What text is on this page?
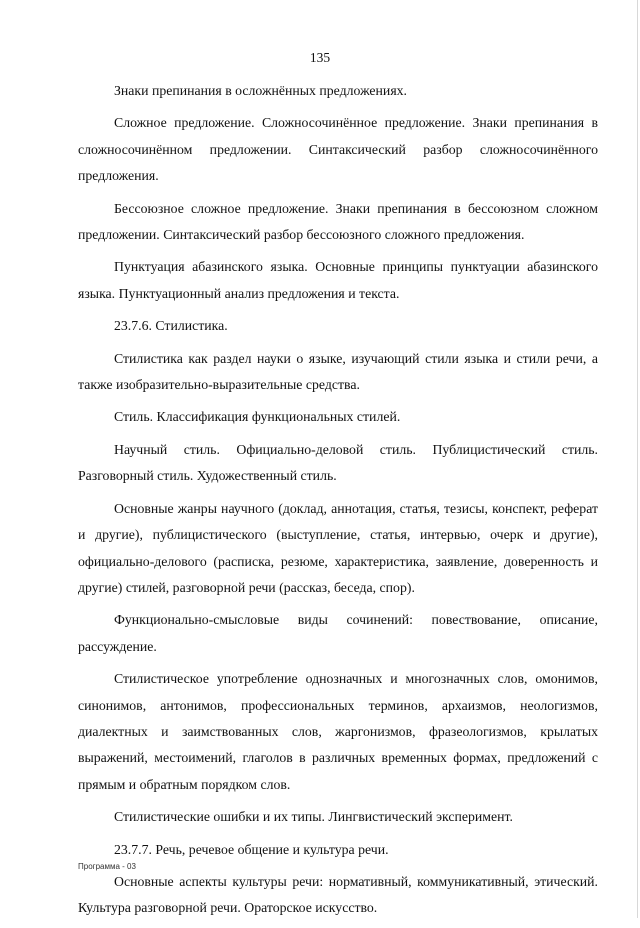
135

Знаки препинания в осложнённых предложениях.

Сложное предложение. Сложносочинённое предложение. Знаки препинания в сложносочинённом предложении. Синтаксический разбор сложносочинённого предложения.

Бессоюзное сложное предложение. Знаки препинания в бессоюзном сложном предложении. Синтаксический разбор бессоюзного сложного предложения.

Пунктуация абазинского языка. Основные принципы пунктуации абазинского языка. Пунктуационный анализ предложения и текста.

23.7.6. Стилистика.

Стилистика как раздел науки о языке, изучающий стили языка и стили речи, а также изобразительно-выразительные средства.

Стиль. Классификация функциональных стилей.

Научный стиль. Официально-деловой стиль. Публицистический стиль. Разговорный стиль. Художественный стиль.

Основные жанры научного (доклад, аннотация, статья, тезисы, конспект, реферат и другие), публицистического (выступление, статья, интервью, очерк и другие), официально-делового (расписка, резюме, характеристика, заявление, доверенность и другие) стилей, разговорной речи (рассказ, беседа, спор).

Функционально-смысловые виды сочинений: повествование, описание, рассуждение.

Стилистическое употребление однозначных и многозначных слов, омонимов, синонимов, антонимов, профессиональных терминов, архаизмов, неологизмов, диалектных и заимствованных слов, жаргонизмов, фразеологизмов, крылатых выражений, местоимений, глаголов в различных временных формах, предложений с прямым и обратным порядком слов.

Стилистические ошибки и их типы. Лингвистический эксперимент.

23.7.7. Речь, речевое общение и культура речи.

Основные аспекты культуры речи: нормативный, коммуникативный, этический. Культура разговорной речи. Ораторское искусство.

Программа - 03
